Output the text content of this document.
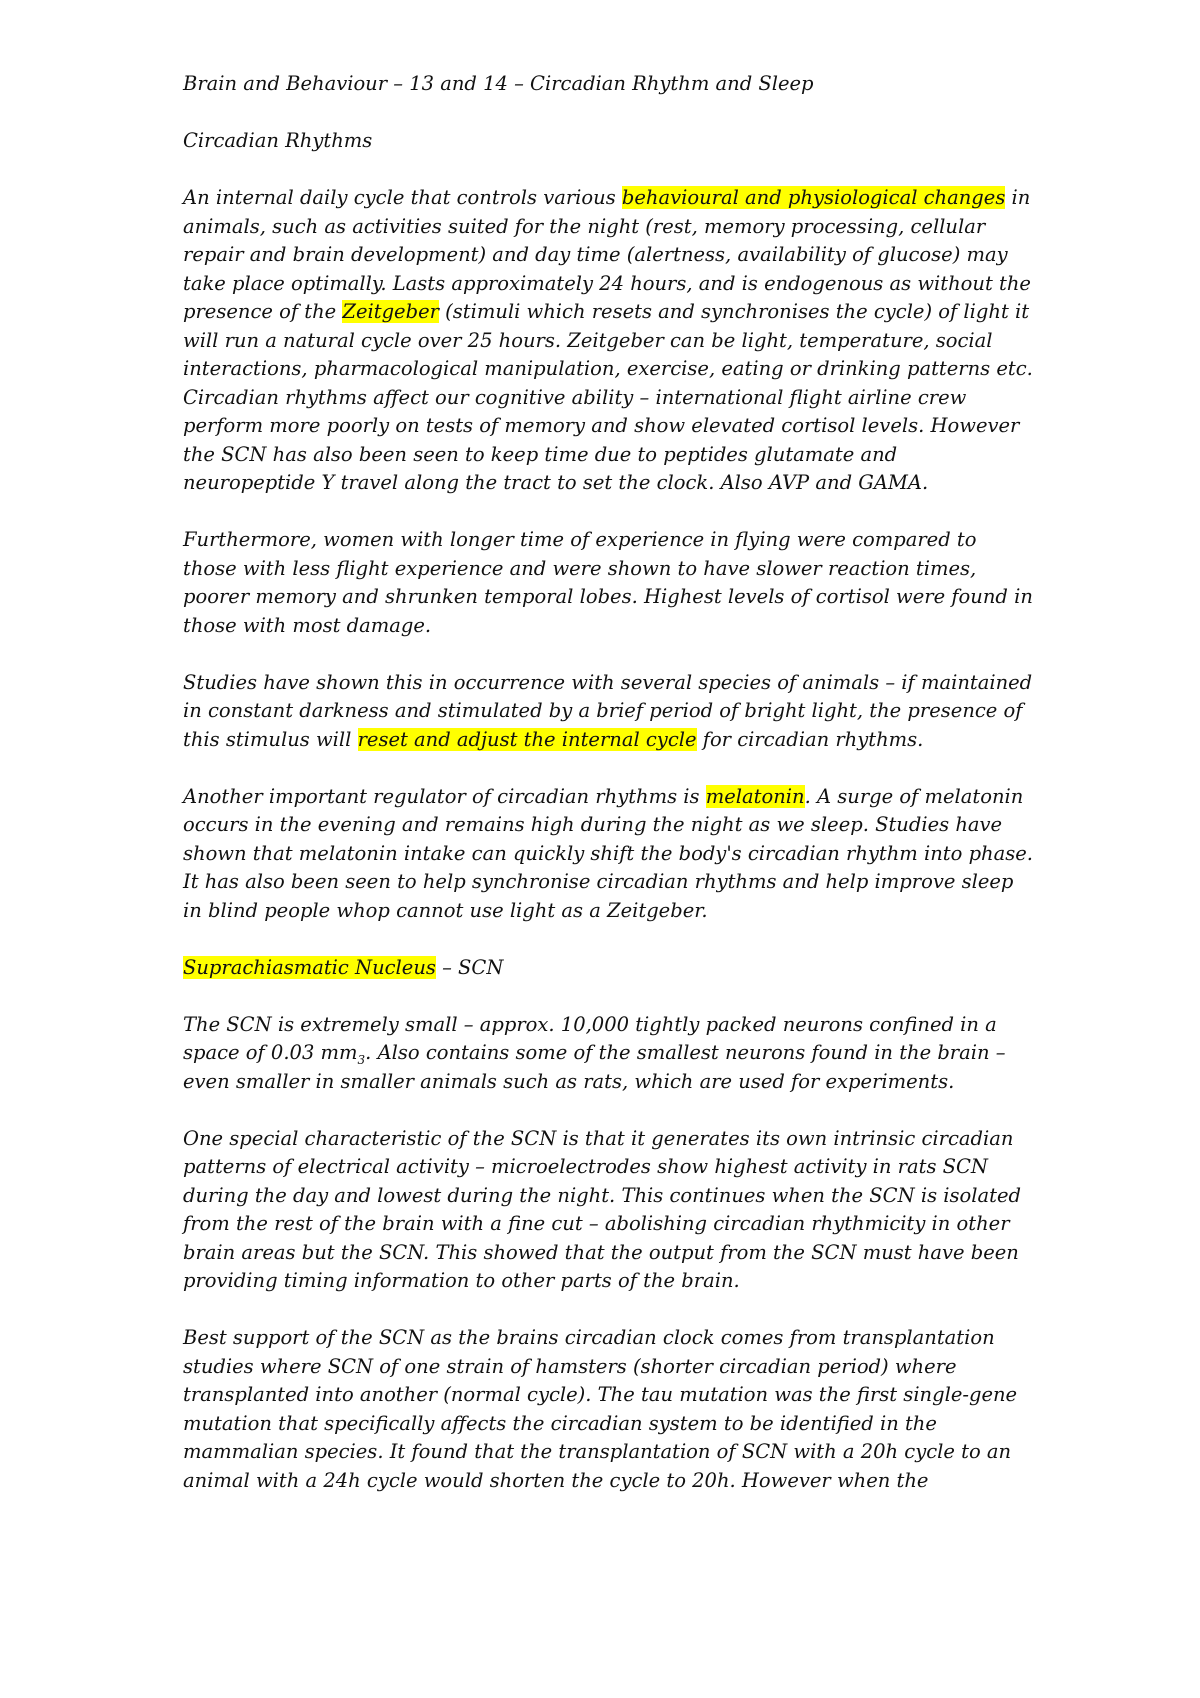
Brain and Behaviour – 13 and 14 – Circadian Rhythm and Sleep

Circadian Rhythms

An internal daily cycle that controls various behavioural and physiological changes in animals, such as activities suited for the night (rest, memory processing, cellular repair and brain development) and day time (alertness, availability of glucose) may take place optimally. Lasts approximately 24 hours, and is endogenous as without the presence of the Zeitgeber (stimuli which resets and synchronises the cycle) of light it will run a natural cycle over 25 hours. Zeitgeber can be light, temperature, social interactions, pharmacological manipulation, exercise, eating or drinking patterns etc. Circadian rhythms affect our cognitive ability – international flight airline crew perform more poorly on tests of memory and show elevated cortisol levels. However the SCN has also been seen to keep time due to peptides glutamate and neuropeptide Y travel along the tract to set the clock. Also AVP and GAMA.

Furthermore, women with longer time of experience in flying were compared to those with less flight experience and were shown to have slower reaction times, poorer memory and shrunken temporal lobes. Highest levels of cortisol were found in those with most damage.

Studies have shown this in occurrence with several species of animals – if maintained in constant darkness and stimulated by a brief period of bright light, the presence of this stimulus will reset and adjust the internal cycle for circadian rhythms.

Another important regulator of circadian rhythms is melatonin. A surge of melatonin occurs in the evening and remains high during the night as we sleep. Studies have shown that melatonin intake can quickly shift the body's circadian rhythm into phase. It has also been seen to help synchronise circadian rhythms and help improve sleep in blind people whop cannot use light as a Zeitgeber.

Suprachiasmatic Nucleus – SCN

The SCN is extremely small – approx. 10,000 tightly packed neurons confined in a space of 0.03 $mm_3$. Also contains some of the smallest neurons found in the brain – even smaller in smaller animals such as rats, which are used for experiments.

One special characteristic of the SCN is that it generates its own intrinsic circadian patterns of electrical activity – microelectrodes show highest activity in rats SCN during the day and lowest during the night. This continues when the SCN is isolated from the rest of the brain with a fine cut – abolishing circadian rhythmicity in other brain areas but the SCN. This showed that the output from the SCN must have been providing timing information to other parts of the brain.

Best support of the SCN as the brains circadian clock comes from transplantation studies where SCN of one strain of hamsters (shorter circadian period) where transplanted into another (normal cycle). The tau mutation was the first single-gene mutation that specifically affects the circadian system to be identified in the mammalian species. It found that the transplantation of SCN with a 20h cycle to an animal with a 24h cycle would shorten the cycle to 20h. However when the
